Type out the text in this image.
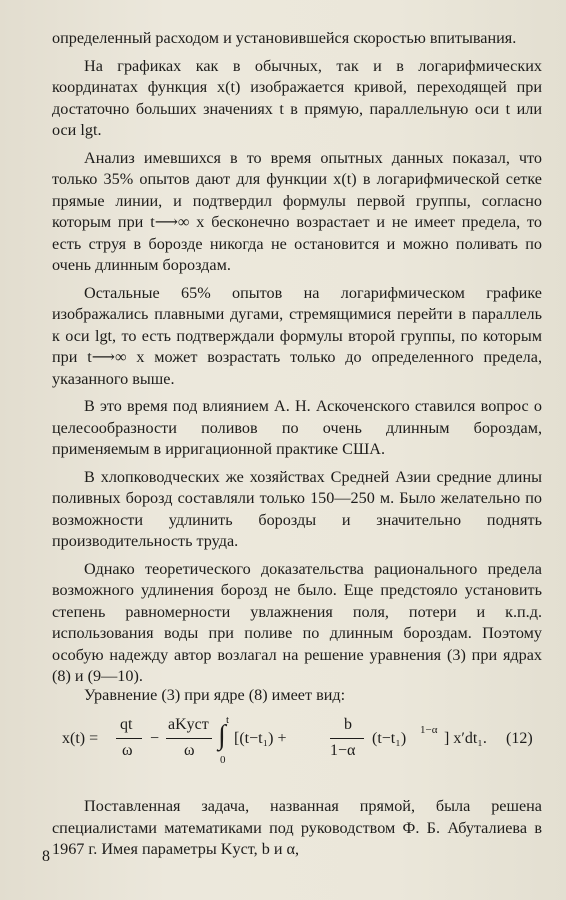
определенный расходом и установившейся скоростью впитывания.

На графиках как в обычных, так и в логарифмических координатах функция x(t) изображается кривой, переходящей при достаточно больших значениях t в прямую, параллельную оси t или оси lgt.

Анализ имевшихся в то время опытных данных показал, что только 35% опытов дают для функции x(t) в логарифмической сетке прямые линии, и подтвердил формулы первой группы, согласно которым при t⟶∞ x бесконечно возрастает и не имеет предела, то есть струя в борозде никогда не остановится и можно поливать по очень длинным бороздам.

Остальные 65% опытов на логарифмическом графике изображались плавными дугами, стремящимися перейти в параллель к оси lgt, то есть подтверждали формулы второй группы, по которым при t⟶∞ x может возрастать только до определенного предела, указанного выше.

В это время под влиянием А. Н. Аскоченского ставился вопрос о целесообразности поливов по очень длинным бороздам, применяемым в ирригационной практике США.

В хлопководческих же хозяйствах Средней Азии средние длины поливных борозд составляли только 150—250 м. Было желательно по возможности удлинить борозды и значительно поднять производительность труда.

Однако теоретического доказательства рационального предела возможного удлинения борозд не было. Еще предстояло установить степень равномерности увлажнения поля, потери и к.п.д. использования воды при поливе по длинным бороздам. Поэтому особую надежду автор возлагал на решение уравнения (3) при ядрах (8) и (9—10).

Уравнение (3) при ядре (8) имеет вид:
x(t) =
qt
ω
−
aKуст
ω
t
∫
0
[(t−t₁) +
b
1−α
(t−t₁) 1−α ] x′dt₁. (12)

Поставленная задача, названная прямой, была решена специалистами математиками под руководством Ф. Б. Абуталиева в 1967 г. Имея параметры Kуст, b и α,

8
